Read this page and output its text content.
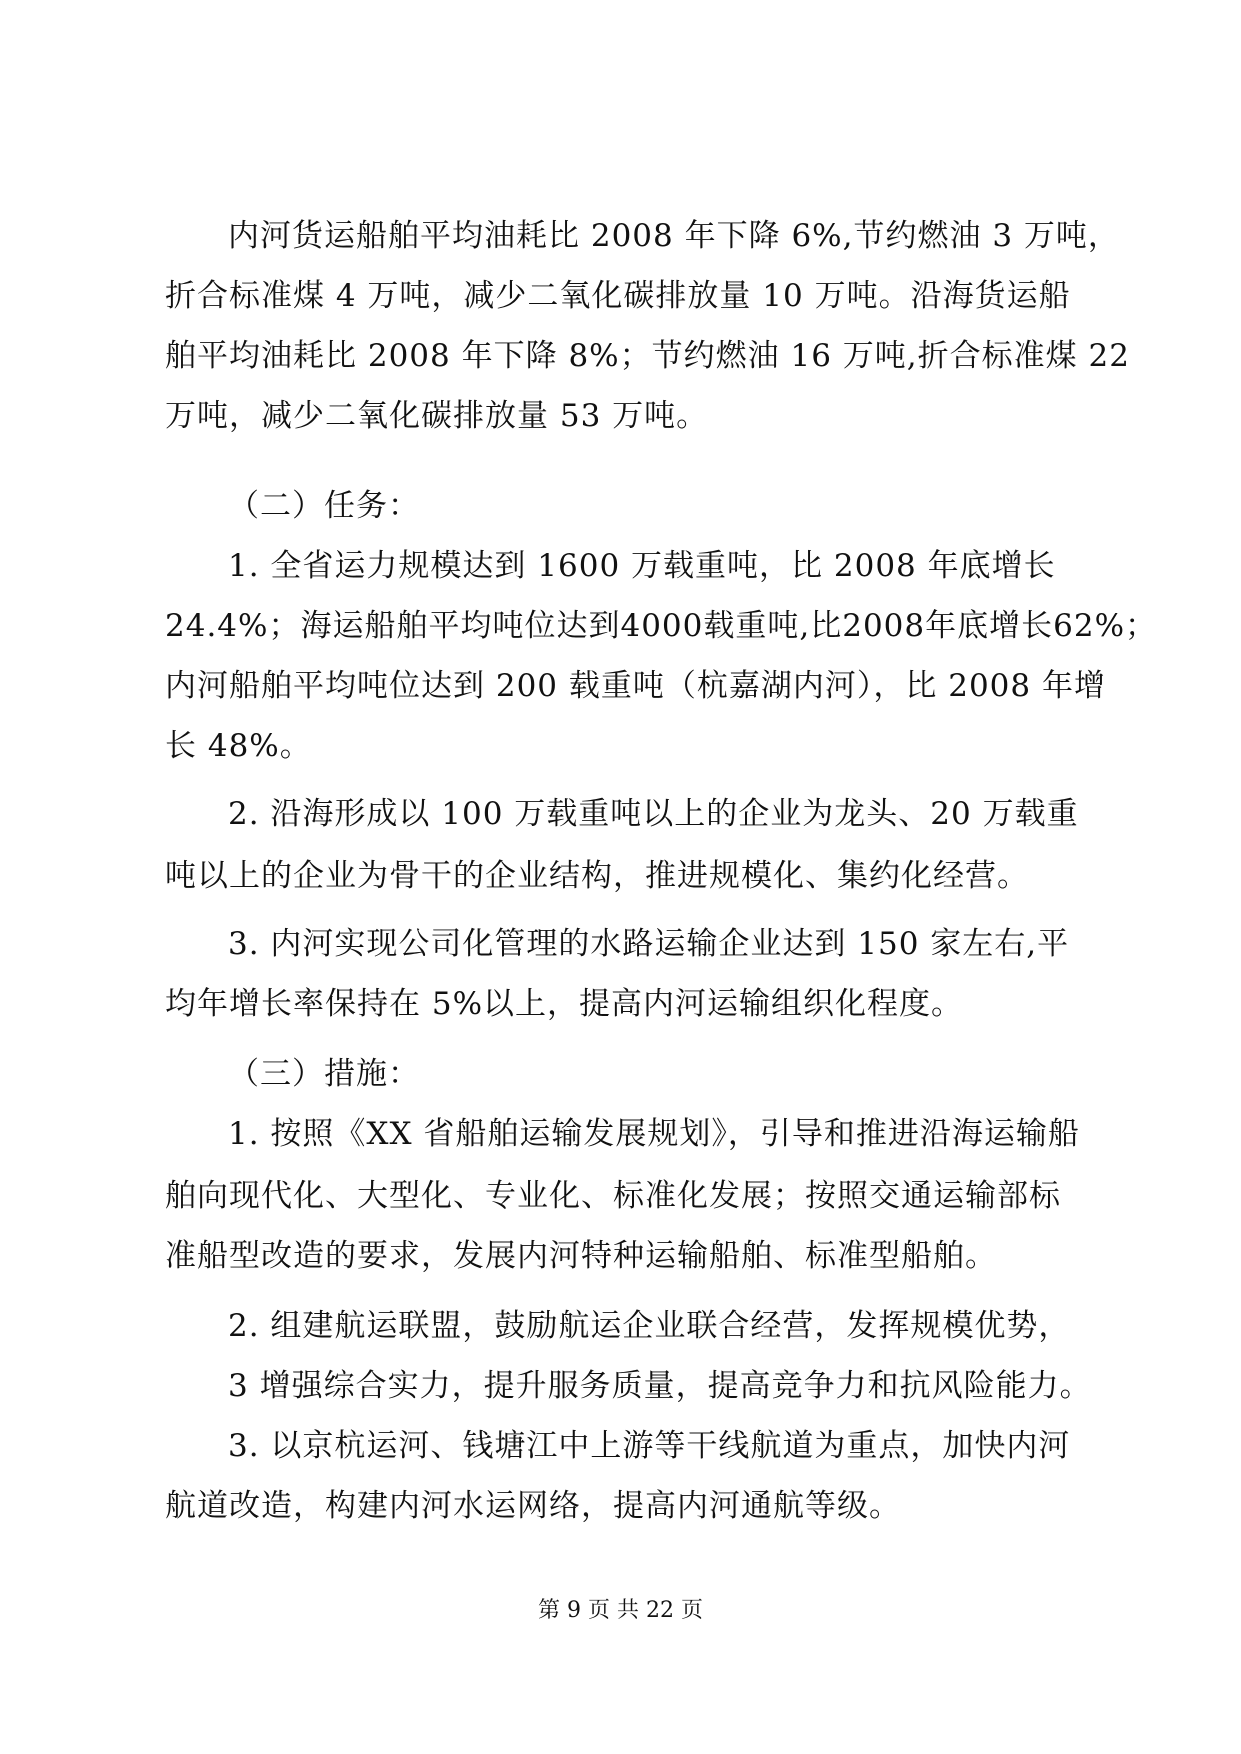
内河货运船舶平均油耗比 2008 年下降 6%,节约燃油 3 万吨，
折合标准煤 4 万吨，减少二氧化碳排放量 10 万吨。沿海货运船
舶平均油耗比 2008 年下降 8%；节约燃油 16 万吨,折合标准煤 22
万吨，减少二氧化碳排放量 53 万吨。
（二）任务：
1. 全省运力规模达到 1600 万载重吨，比 2008 年底增长
24.4%；海运船舶平均吨位达到4000载重吨,比2008年底增长62%；
内河船舶平均吨位达到 200 载重吨（杭嘉湖内河），比 2008 年增
长 48%。
2. 沿海形成以 100 万载重吨以上的企业为龙头、20 万载重
吨以上的企业为骨干的企业结构，推进规模化、集约化经营。
3. 内河实现公司化管理的水路运输企业达到 150 家左右,平
均年增长率保持在 5%以上，提高内河运输组织化程度。
（三）措施：
1. 按照《XX 省船舶运输发展规划》，引导和推进沿海运输船
舶向现代化、大型化、专业化、标准化发展；按照交通运输部标
准船型改造的要求，发展内河特种运输船舶、标准型船舶。
2. 组建航运联盟，鼓励航运企业联合经营，发挥规模优势，
3 增强综合实力，提升服务质量，提高竞争力和抗风险能力。
3. 以京杭运河、钱塘江中上游等干线航道为重点，加快内河
航道改造，构建内河水运网络，提高内河通航等级。
第 9 页 共 22 页
